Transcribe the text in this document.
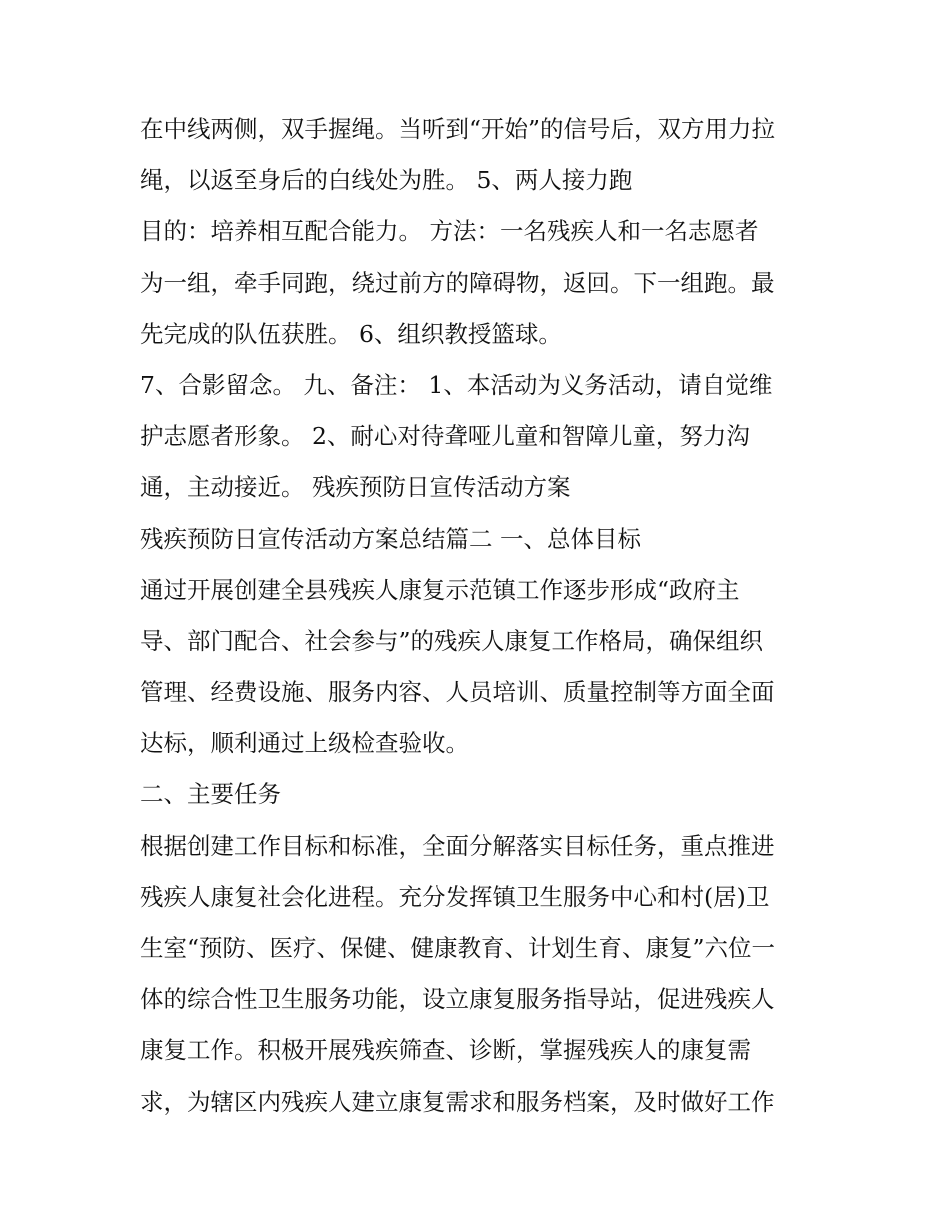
在中线两侧，双手握绳。当听到“开始”的信号后，双方用力拉

绳，以返至身后的白线处为胜。 5、两人接力跑

目的：培养相互配合能力。 方法：一名残疾人和一名志愿者

为一组，牵手同跑，绕过前方的障碍物，返回。下一组跑。最

先完成的队伍获胜。 6、组织教授篮球。

7、合影留念。 九、备注： 1、本活动为义务活动，请自觉维

护志愿者形象。 2、耐心对待聋哑儿童和智障儿童，努力沟

通，主动接近。 残疾预防日宣传活动方案

残疾预防日宣传活动方案总结篇二 一、总体目标

通过开展创建全县残疾人康复示范镇工作逐步形成“政府主

导、部门配合、社会参与”的残疾人康复工作格局，确保组织

管理、经费设施、服务内容、人员培训、质量控制等方面全面

达标，顺利通过上级检查验收。

二、主要任务

根据创建工作目标和标准，全面分解落实目标任务，重点推进

残疾人康复社会化进程。充分发挥镇卫生服务中心和村(居)卫

生室“预防、医疗、保健、健康教育、计划生育、康复”六位一

体的综合性卫生服务功能，设立康复服务指导站，促进残疾人

康复工作。积极开展残疾筛查、诊断，掌握残疾人的康复需

求，为辖区内残疾人建立康复需求和服务档案，及时做好工作
